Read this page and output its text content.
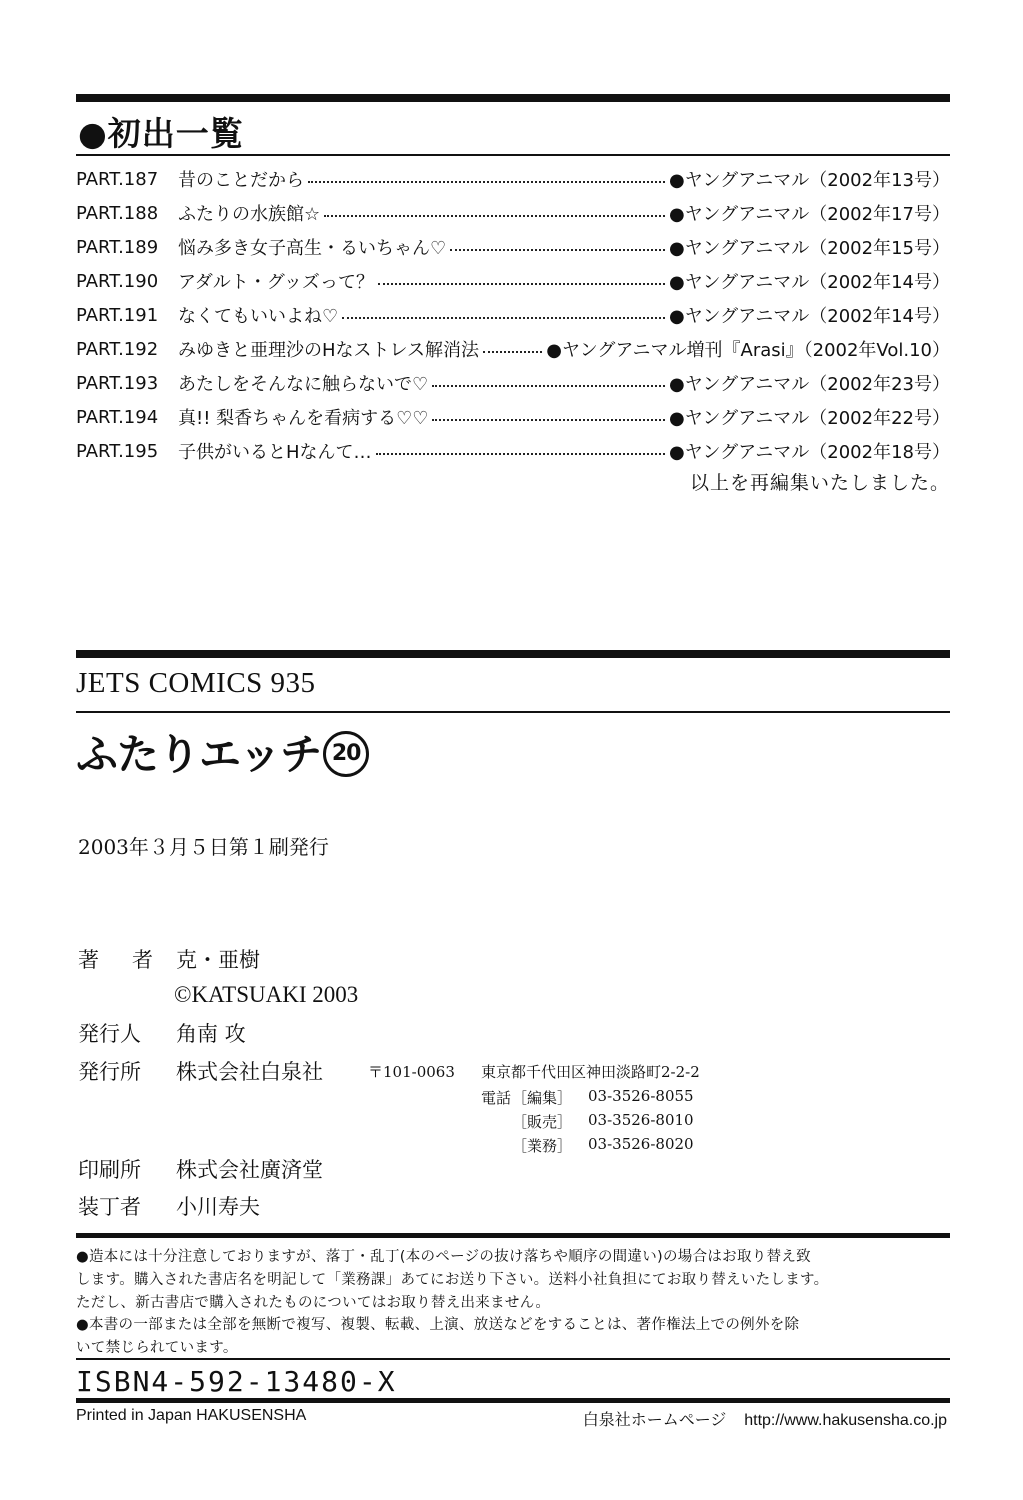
●初出一覧
PART.187	昔のことだから	●ヤングアニマル（2002年13号）
PART.188	ふたりの水族館☆	●ヤングアニマル（2002年17号）
PART.189	悩み多き女子高生・るいちゃん♡	●ヤングアニマル（2002年15号）
PART.190	アダルト・グッズって？	●ヤングアニマル（2002年14号）
PART.191	なくてもいいよね♡	●ヤングアニマル（2002年14号）
PART.192	みゆきと亜理沙のHなストレス解消法	●ヤングアニマル増刊『Arasi』（2002年Vol.10）
PART.193	あたしをそんなに触らないで♡	●ヤングアニマル（2002年23号）
PART.194	真!! 梨香ちゃんを看病する♡♡	●ヤングアニマル（2002年22号）
PART.195	子供がいるとHなんて…	●ヤングアニマル（2002年18号）
以上を再編集いたしました。
JETS COMICS 935
ふたりエッチ 20
2003年３月５日第１刷発行
著　者 克・亜樹
©KATSUAKI 2003
発行人 角南 攻
発行所 株式会社白泉社	〒101-0063 東京都千代田区神田淡路町2-2-2
電話 ［編集］ 03-3526-8055
［販売］ 03-3526-8010
［業務］ 03-3526-8020
印刷所 株式会社廣済堂
装丁者 小川寿夫
●造本には十分注意しておりますが、落丁・乱丁(本のページの抜け落ちや順序の間違い)の場合はお取り替え致
します。購入された書店名を明記して「業務課」あてにお送り下さい。送料小社負担にてお取り替えいたします。
ただし、新古書店で購入されたものについてはお取り替え出来ません。
●本書の一部または全部を無断で複写、複製、転載、上演、放送などをすることは、著作権法上での例外を除
いて禁じられています。
ISBN4-592-13480-X
Printed in Japan HAKUSENSHA	白泉社ホームページ http://www.hakusensha.co.jp
